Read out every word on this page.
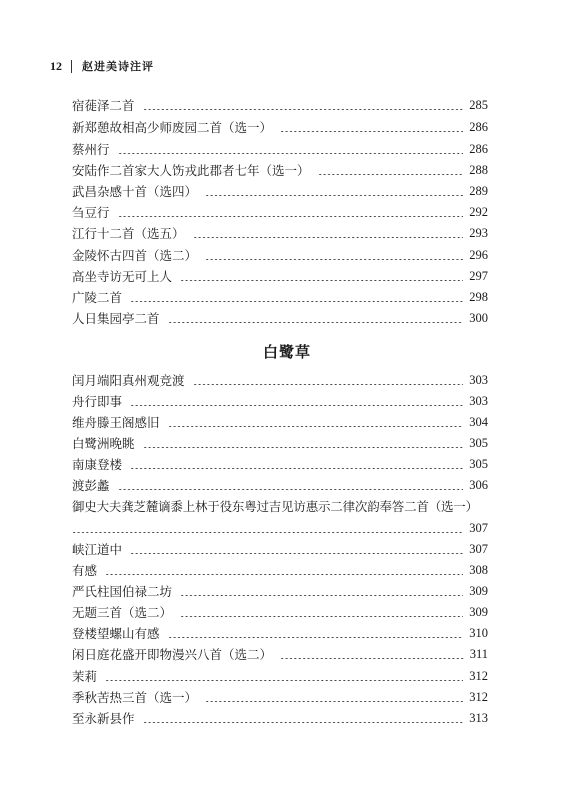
12 赵进美诗注评
宿蓰泽二首	285
新郑憩故相高少师废园二首（选一）	286
蔡州行	286
安陆作二首家大人饬戎此郡者七年（选一）	288
武昌杂感十首（选四）	289
刍豆行	292
江行十二首（选五）	293
金陵怀古四首（选二）	296
高坐寺访无可上人	297
广陵二首	298
人日集园亭二首	300
白鹭草
闰月端阳真州观竞渡	303
舟行即事	303
维舟滕王阁感旧	304
白鹭洲晚眺	305
南康登楼	305
渡彭蠡	306
御史大夫龚芝麓谪黍上林于役东粤过吉见访惠示二律次韵奉答二首（选一）
307
峡江道中	307
有感	308
严氏柱国伯禄二坊	309
无题三首（选二）	309
登楼望螺山有感	310
闲日庭花盛开即物漫兴八首（选二）	311
茉莉	312
季秋苦热三首（选一）	312
至永新县作	313
